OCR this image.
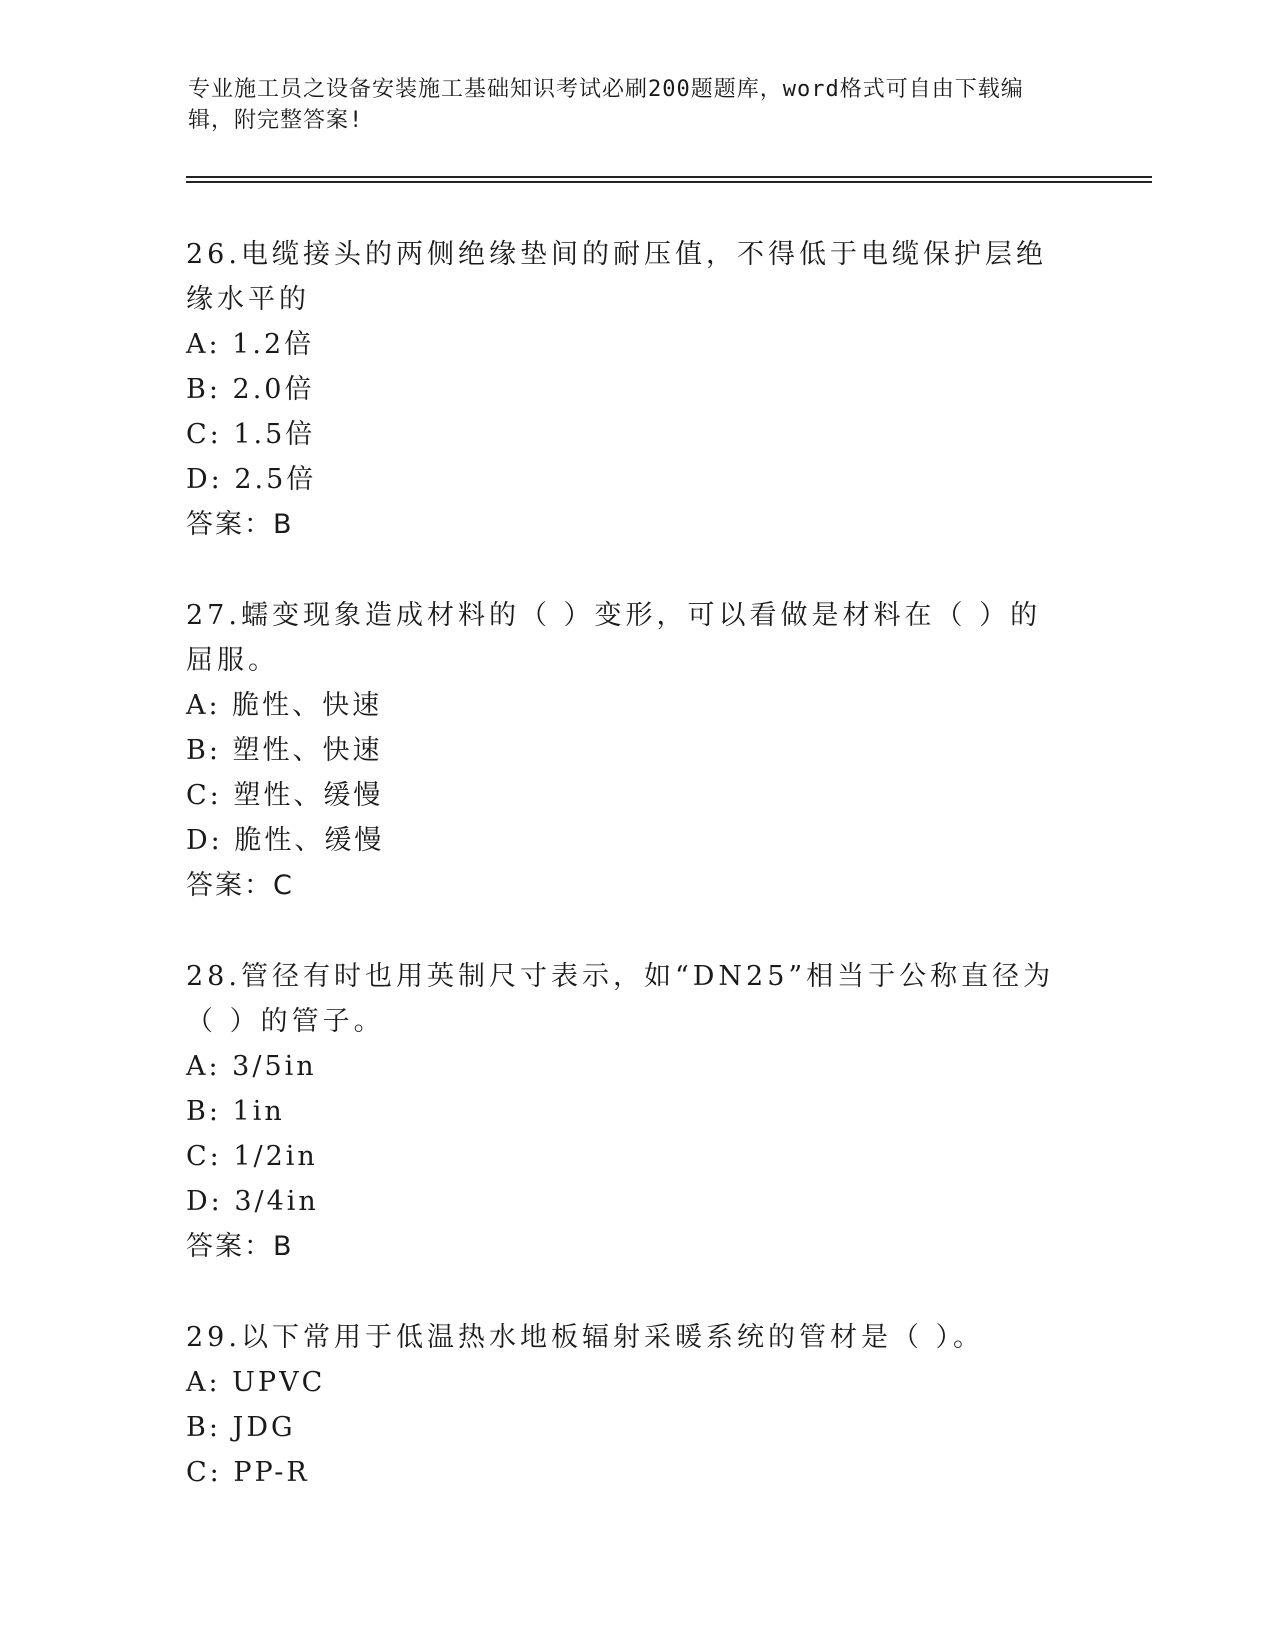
专业施工员之设备安装施工基础知识考试必刷200题题库，word格式可自由下载编辑，附完整答案!
26.电缆接头的两侧绝缘垫间的耐压值，不得低于电缆保护层绝缘水平的
A: 1.2倍
B: 2.0倍
C: 1.5倍
D: 2.5倍
答案：B
27.蠕变现象造成材料的（ ）变形，可以看做是材料在（ ）的屈服。
A: 脆性、快速
B: 塑性、快速
C: 塑性、缓慢
D: 脆性、缓慢
答案：C
28.管径有时也用英制尺寸表示，如“DN25”相当于公称直径为（ ）的管子。
A: 3/5in
B: 1in
C: 1/2in
D: 3/4in
答案：B
29.以下常用于低温热水地板辐射采暖系统的管材是（ ）。
A: UPVC
B: JDG
C: PP-R
